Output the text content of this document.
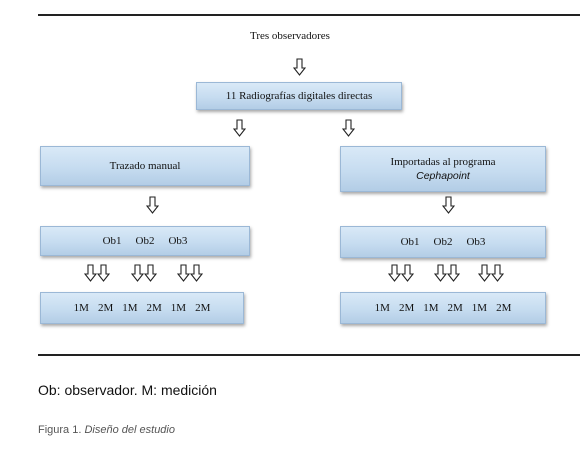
Tres observadores
11 Radiografías digitales directas
Trazado manual
Ob1 Ob2 Ob3
1M 2M 1M 2M 1M 2M
Importadas al programa
Cephapoint
Ob1 Ob2 Ob3
1M 2M 1M 2M 1M 2M
Ob: observador. M: medición
Figura 1. Diseño del estudio
